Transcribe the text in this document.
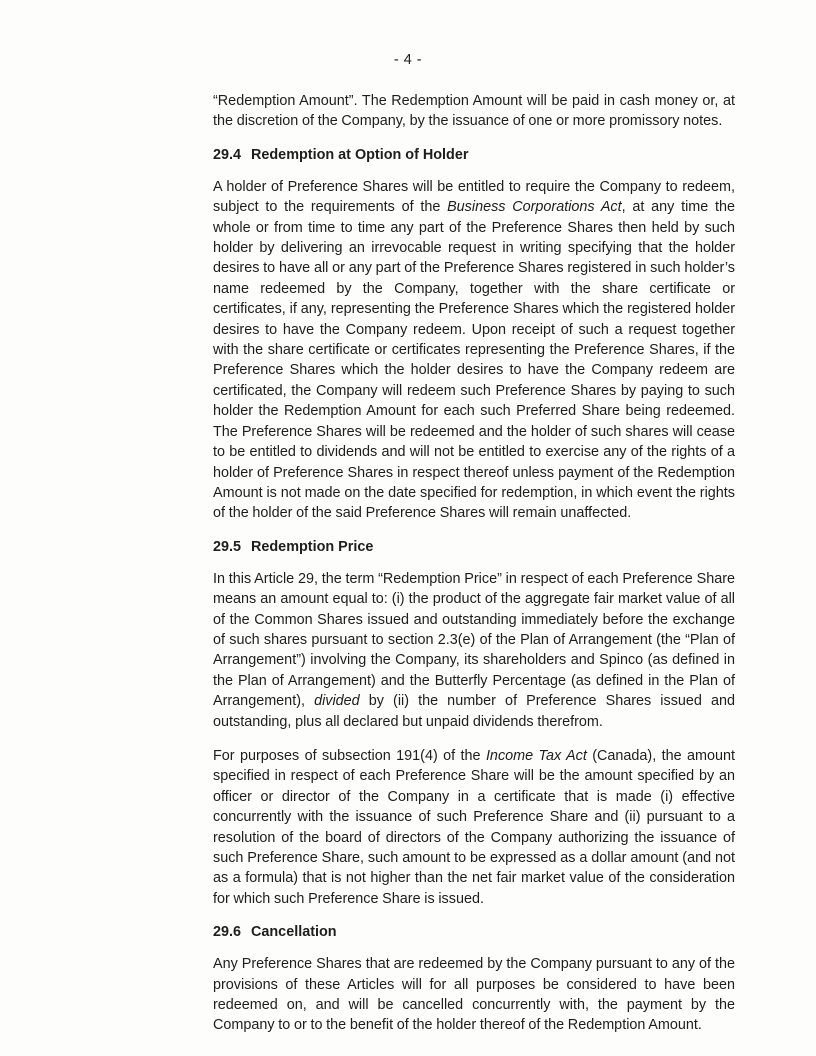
- 4 -

“Redemption Amount”. The Redemption Amount will be paid in cash money or, at the discretion of the Company, by the issuance of one or more promissory notes.

29.4 Redemption at Option of Holder

A holder of Preference Shares will be entitled to require the Company to redeem, subject to the requirements of the Business Corporations Act, at any time the whole or from time to time any part of the Preference Shares then held by such holder by delivering an irrevocable request in writing specifying that the holder desires to have all or any part of the Preference Shares registered in such holder’s name redeemed by the Company, together with the share certificate or certificates, if any, representing the Preference Shares which the registered holder desires to have the Company redeem. Upon receipt of such a request together with the share certificate or certificates representing the Preference Shares, if the Preference Shares which the holder desires to have the Company redeem are certificated, the Company will redeem such Preference Shares by paying to such holder the Redemption Amount for each such Preferred Share being redeemed. The Preference Shares will be redeemed and the holder of such shares will cease to be entitled to dividends and will not be entitled to exercise any of the rights of a holder of Preference Shares in respect thereof unless payment of the Redemption Amount is not made on the date specified for redemption, in which event the rights of the holder of the said Preference Shares will remain unaffected.

29.5 Redemption Price

In this Article 29, the term “Redemption Price” in respect of each Preference Share means an amount equal to: (i) the product of the aggregate fair market value of all of the Common Shares issued and outstanding immediately before the exchange of such shares pursuant to section 2.3(e) of the Plan of Arrangement (the “Plan of Arrangement”) involving the Company, its shareholders and Spinco (as defined in the Plan of Arrangement) and the Butterfly Percentage (as defined in the Plan of Arrangement), divided by (ii) the number of Preference Shares issued and outstanding, plus all declared but unpaid dividends therefrom.

For purposes of subsection 191(4) of the Income Tax Act (Canada), the amount specified in respect of each Preference Share will be the amount specified by an officer or director of the Company in a certificate that is made (i) effective concurrently with the issuance of such Preference Share and (ii) pursuant to a resolution of the board of directors of the Company authorizing the issuance of such Preference Share, such amount to be expressed as a dollar amount (and not as a formula) that is not higher than the net fair market value of the consideration for which such Preference Share is issued.

29.6 Cancellation

Any Preference Shares that are redeemed by the Company pursuant to any of the provisions of these Articles will for all purposes be considered to have been redeemed on, and will be cancelled concurrently with, the payment by the Company to or to the benefit of the holder thereof of the Redemption Amount.
